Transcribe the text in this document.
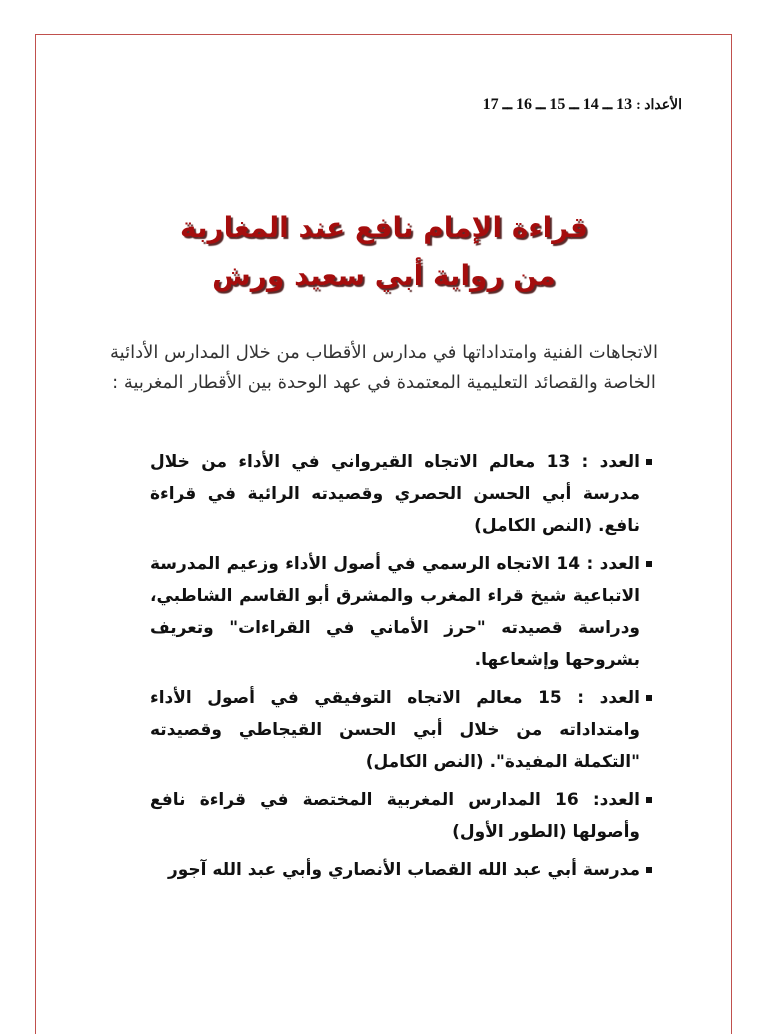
الأعداد : 13 ــ 14 ــ 15 ــ 16 ــ 17
قراءة الإمام نافع عند المغاربة
من رواية أبي سعيد ورش
الاتجاهات الفنية وامتداداتها في مدارس الأقطاب من خلال المدارس الأدائية الخاصة والقصائد التعليمية المعتمدة في عهد الوحدة بين الأقطار المغربية :
العدد : 13 معالم الاتجاه القيرواني في الأداء من خلال مدرسة أبي الحسن الحصري وقصيدته الرائية في قراءة نافع. (النص الكامل)
العدد : 14 الاتجاه الرسمي في أصول الأداء وزعيم المدرسة الاتباعية شيخ قراء المغرب والمشرق أبو القاسم الشاطبي، ودراسة قصيدته "حرز الأماني في القراءات" وتعريف بشروحها وإشعاعها.
العدد : 15 معالم الاتجاه التوفيقي في أصول الأداء وامتداداته من خلال أبي الحسن القيجاطي وقصيدته "التكملة المفيدة". (النص الكامل)
العدد: 16 المدارس المغربية المختصة في قراءة نافع وأصولها (الطور الأول)
مدرسة أبي عبد الله القصاب الأنصاري وأبي عبد الله آجور
